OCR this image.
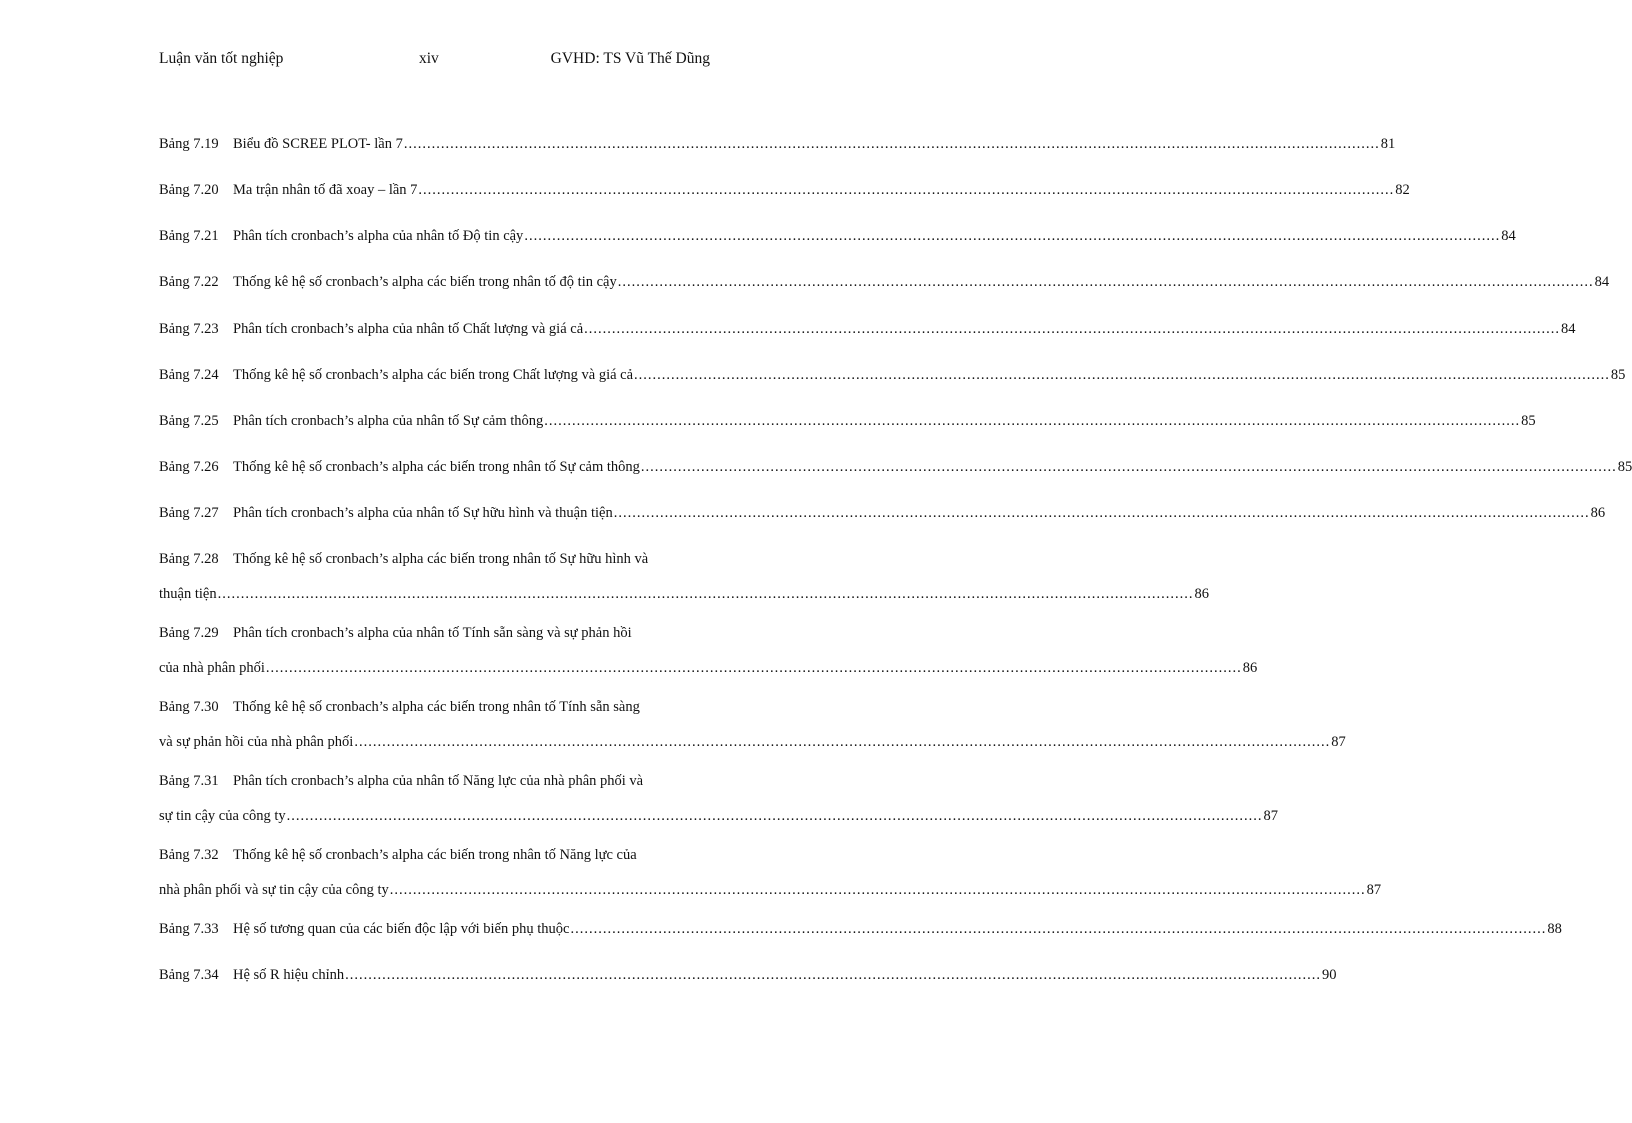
Luận văn tốt nghiệp	xiv	GVHD: TS Vũ Thế Dũng
Bảng 7.19 Biểu đồ SCREE PLOT- lần 7 .....	81
Bảng 7.20 Ma trận nhân tố đã xoay – lần 7 .....	82
Bảng 7.21 Phân tích cronbach’s alpha của nhân tố Độ tin cậy .....	84
Bảng 7.22 Thống kê hệ số cronbach’s alpha các biến trong nhân tố độ tin cậy .....	84
Bảng 7.23 Phân tích cronbach’s alpha của nhân tố Chất lượng và giá cả .....	84
Bảng 7.24 Thống kê hệ số cronbach’s alpha các biến trong Chất lượng và giá cả .....	85
Bảng 7.25 Phân tích cronbach’s alpha của nhân tố Sự cảm thông .....	85
Bảng 7.26 Thống kê hệ số cronbach’s alpha các biến trong nhân tố Sự cảm thông .....	85
Bảng 7.27 Phân tích cronbach’s alpha của nhân tố Sự hữu hình và thuận tiện .....	86
Bảng 7.28 Thống kê hệ số cronbach’s alpha các biến trong nhân tố Sự hữu hình và
thuận tiện .....	86
Bảng 7.29 Phân tích cronbach’s alpha của nhân tố Tính sẵn sàng và sự phản hồi
của nhà phân phối .....	86
Bảng 7.30 Thống kê hệ số cronbach’s alpha các biến trong nhân tố Tính sẵn sàng
và sự phản hồi của nhà phân phối .....	87
Bảng 7.31 Phân tích cronbach’s alpha của nhân tố Năng lực của nhà phân phối và
sự tin cậy của công ty .....	87
Bảng 7.32 Thống kê hệ số cronbach’s alpha các biến trong nhân tố Năng lực của
nhà phân phối và sự tin cậy của công ty .....	87
Bảng 7.33 Hệ số tương quan của các biến độc lập với biến phụ thuộc .....	88
Bảng 7.34 Hệ số R hiệu chỉnh .....	90
